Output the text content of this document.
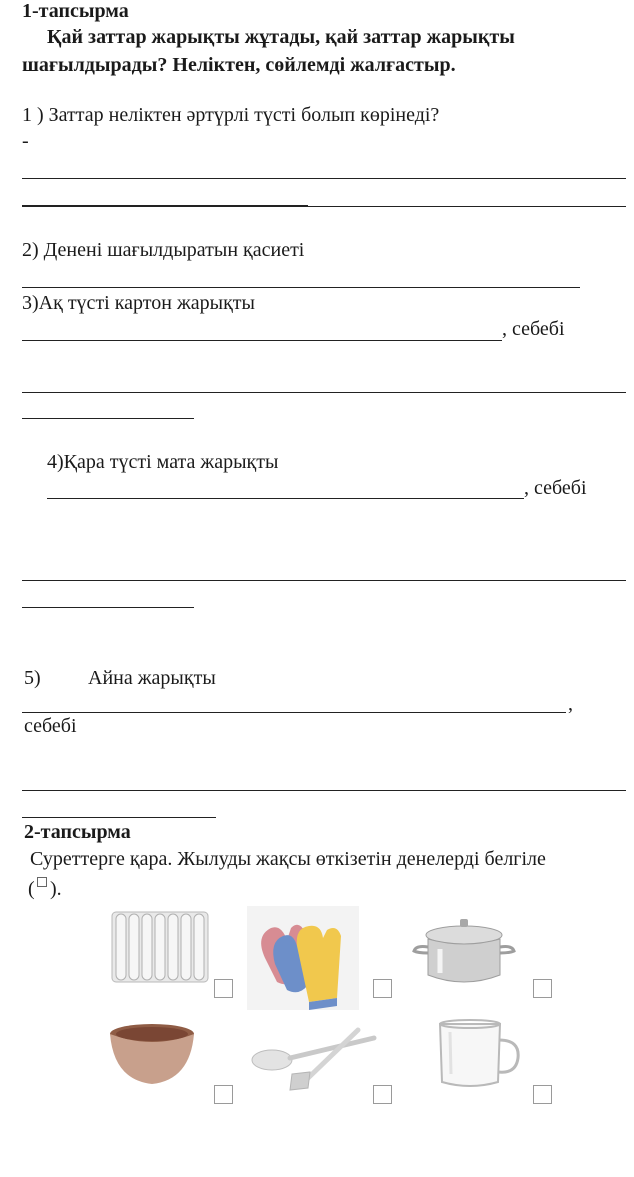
1-тапсырма
Қай заттар жарықты жұтады, қай заттар жарықты
шағылдырады? Неліктен, сөйлемді жалғастыр.
1 ) Заттар неліктен әртүрлі түсті болып көрінеді?
-
2) Денені шағылдыратын қасиеті
3)Ақ түсті картон жарықты
, себебі
4)Қара түсті мата жарықты
, себебі
5) Айна жарықты
,
себебі
2-тапсырма
Суреттерге қара. Жылуды жақсы өткізетін денелерді белгіле
( ).
